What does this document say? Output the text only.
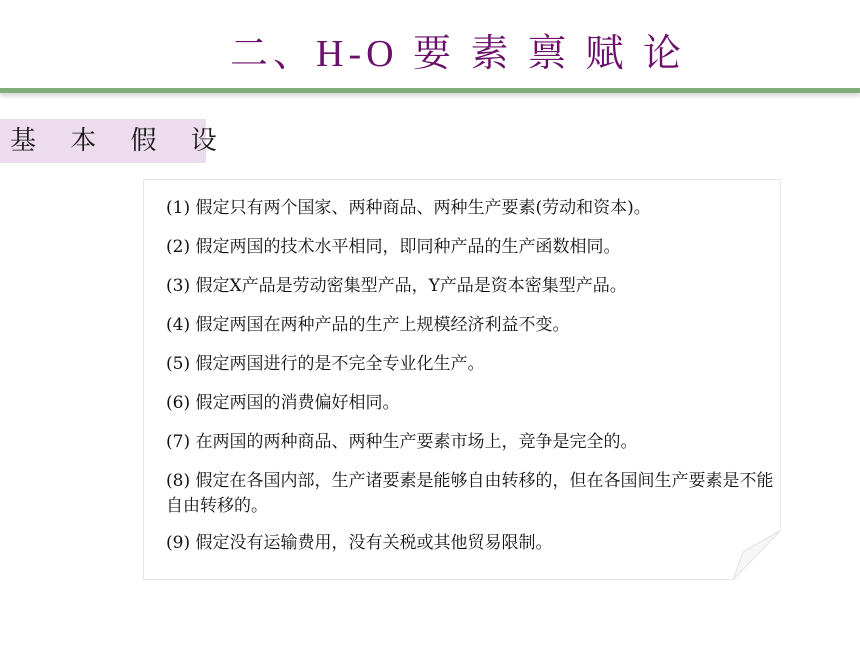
二、H-O 要 素 禀 赋 论
基 本 假 设
(1) 假定只有两个国家、两种商品、两种生产要素(劳动和资本)。
(2) 假定两国的技术水平相同，即同种产品的生产函数相同。
(3) 假定X产品是劳动密集型产品，Y产品是资本密集型产品。
(4) 假定两国在两种产品的生产上规模经济利益不变。
(5) 假定两国进行的是不完全专业化生产。
(6) 假定两国的消费偏好相同。
(7) 在两国的两种商品、两种生产要素市场上，竞争是完全的。
(8) 假定在各国内部，生产诸要素是能够自由转移的，但在各国间生产要素是不能自由转移的。
(9) 假定没有运输费用，没有关税或其他贸易限制。
